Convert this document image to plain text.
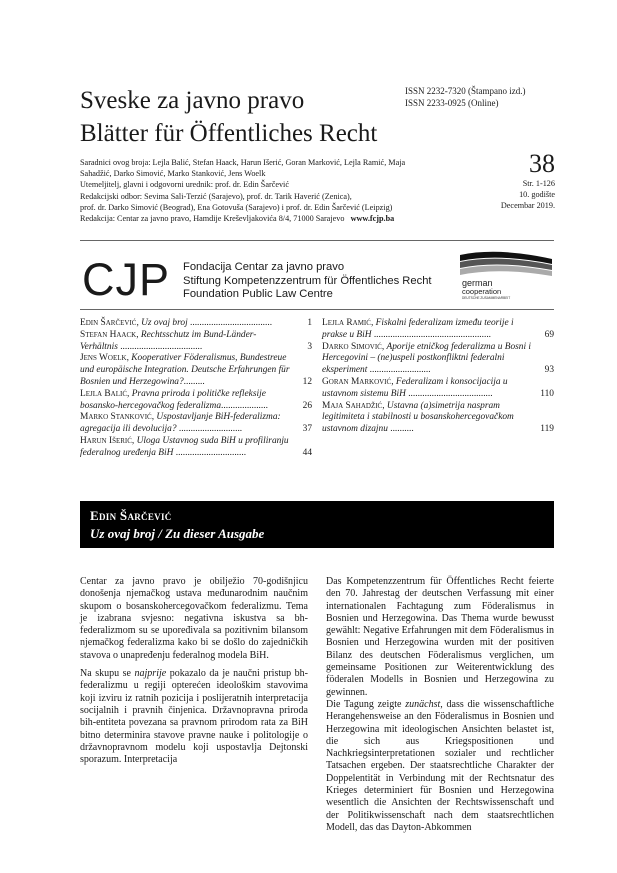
Sveske za javno pravo
Blätter für Öffentliches Recht
ISSN 2232-7320 (Štampano izd.)
ISSN 2233-0925 (Online)
Saradnici ovog broja: Lejla Balić, Stefan Haack, Harun Išerić, Goran Marković, Lejla Ramić, Maja
Sahadžić, Darko Simović, Marko Stanković, Jens Woelk
Utemeljitelj, glavni i odgovorni urednik: prof. dr. Edin Šarčević
Redakcijski odbor: Sevima Sali-Terzić (Sarajevo), prof. dr. Tarik Haverić (Zenica),
prof. dr. Darko Simović (Beograd), Ena Gotovuša (Sarajevo) i prof. dr. Edin Šarčević (Leipzig)
Redakcija: Centar za javno pravo, Hamdije Kreševljakovića 8/4, 71000 Sarajevo www.fcjp.ba
38
Str. 1-126
10. godište
Decembar 2019.
CJP Fondacija Centar za javno pravo
Stiftung Kompetenzzentrum für Öffentliches Recht
Foundation Public Law Centre
german
cooperation
DEUTSCHE ZUSAMMENARBEIT
Edin Šarčević, Uz ovaj broj ...................................	1
Stefan Haack, Rechtsschutz im Bund-Länder-Verhältnis ...................................	3
Jens Woelk, Kooperativer Föderalismus, Bundestreue und europäische Integration. Deutsche Erfahrungen für Bosnien und Herzegowina?.........	12
Lejla Balić, Pravna priroda i političke refleksije bosansko-hercegovačkog federalizma....................	26
Marko Stanković, Uspostavljanje BiH-federalizma: agregacija ili devolucija? ...........................	37
Harun Išerić, Uloga Ustavnog suda BiH u profiliranju federalnog uređenja BiH ..............................	44
Lejla Ramić, Fiskalni federalizam između teorije i prakse u BiH ..................................................	69
Darko Simović, Aporije etničkog federalizma u Bosni i Hercegovini – (ne)uspeli postkonfliktni federalni eksperiment ..........................	93
Goran Marković, Federalizam i konsocijacija u ustavnom sistemu BiH ....................................	110
Maja Sahadžić, Ustavna (a)simetrija naspram legitimiteta i stabilnosti u bosanskohercegovačkom ustavnom dizajnu ..........	119
Edin Šarčević
Uz ovaj broj / Zu dieser Ausgabe

Centar za javno pravo je obilježio 70-godišnjicu donošenja njemačkog ustava međunarodnim naučnim skupom o bosanskohercegovačkom federalizmu. Tema je izabrana svjesno: negativna iskustva sa bh-federalizmom su se upoređivala sa pozitivnim bilansom njemačkog federalizma kako bi se došlo do zajedničkih stavova o unapređenju federalnog modela BiH.

Na skupu se najprije pokazalo da je naučni pristup bh-federalizmu u regiji opterećen ideološkim stavovima koji izviru iz ratnih pozicija i poslijeratnih interpretacija socijalnih i pravnih činjenica. Državnopravna priroda bih-entiteta povezana sa pravnom prirodom rata za BiH bitno determinira stavove pravne nauke i politologije o državnopravnom modelu koji uspostavlja Dejtonski sporazum. Interpretacija

Das Kompetenzzentrum für Öffentliches Recht feierte den 70. Jahrestag der deutschen Verfassung mit einer internationalen Fachtagung zum Föderalismus in Bosnien und Herzegowina. Das Thema wurde bewusst gewählt: Negative Erfahrungen mit dem Föderalismus in Bosnien und Herzegowina wurden mit der positiven Bilanz des deutschen Föderalismus verglichen, um gemeinsame Positionen zur Weiterentwicklung des föderalen Modells in Bosnien und Herzegowina zu gewinnen.

Die Tagung zeigte zunächst, dass die wissenschaftliche Herangehensweise an den Föderalismus in Bosnien und Herzegowina mit ideologischen Ansichten belastet ist, die sich aus Kriegspositionen und Nachkriegsinterpretationen sozialer und rechtlicher Tatsachen ergeben. Der staatsrechtliche Charakter der Doppelentität in Verbindung mit der Rechtsnatur des Krieges determiniert für Bosnien und Herzegowina wesentlich die Ansichten der Rechtswissenschaft und der Politikwissenschaft nach dem staatsrechtlichen Modell, das das Dayton-Abkommen
